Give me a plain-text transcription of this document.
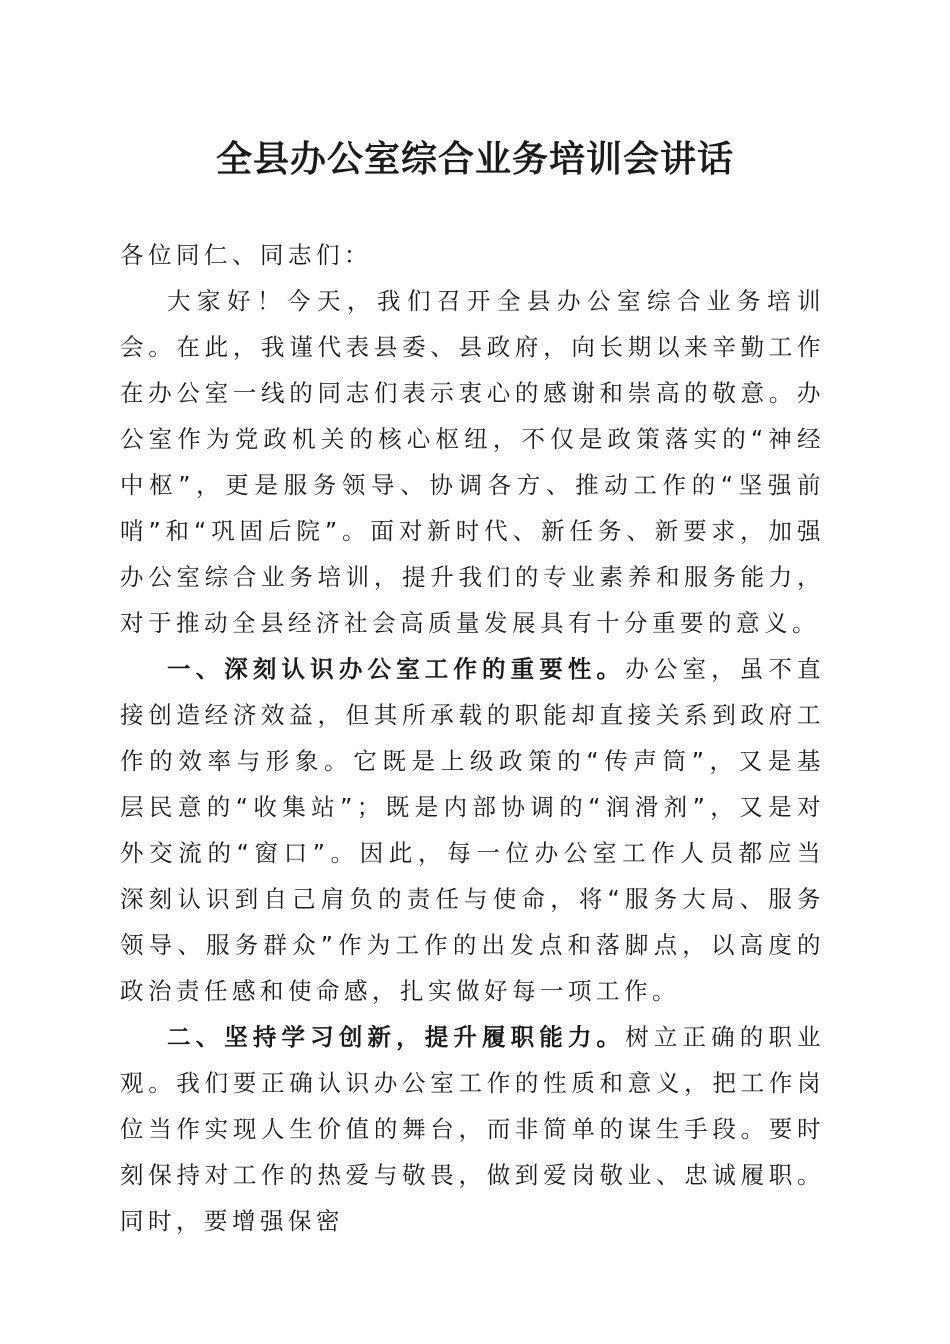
全县办公室综合业务培训会讲话

各位同仁、同志们：

大家好！今天，我们召开全县办公室综合业务培训会。在此，我谨代表县委、县政府，向长期以来辛勤工作在办公室一线的同志们表示衷心的感谢和崇高的敬意。办公室作为党政机关的核心枢纽，不仅是政策落实的“神经中枢”，更是服务领导、协调各方、推动工作的“坚强前哨”和“巩固后院”。面对新时代、新任务、新要求，加强办公室综合业务培训，提升我们的专业素养和服务能力，对于推动全县经济社会高质量发展具有十分重要的意义。

一、深刻认识办公室工作的重要性。办公室，虽不直接创造经济效益，但其所承载的职能却直接关系到政府工作的效率与形象。它既是上级政策的“传声筒”，又是基层民意的“收集站”；既是内部协调的“润滑剂”，又是对外交流的“窗口”。因此，每一位办公室工作人员都应当深刻认识到自己肩负的责任与使命，将“服务大局、服务领导、服务群众”作为工作的出发点和落脚点，以高度的政治责任感和使命感，扎实做好每一项工作。

二、坚持学习创新，提升履职能力。树立正确的职业观。我们要正确认识办公室工作的性质和意义，把工作岗位当作实现人生价值的舞台，而非简单的谋生手段。要时刻保持对工作的热爱与敬畏，做到爱岗敬业、忠诚履职。同时，要增强保密
